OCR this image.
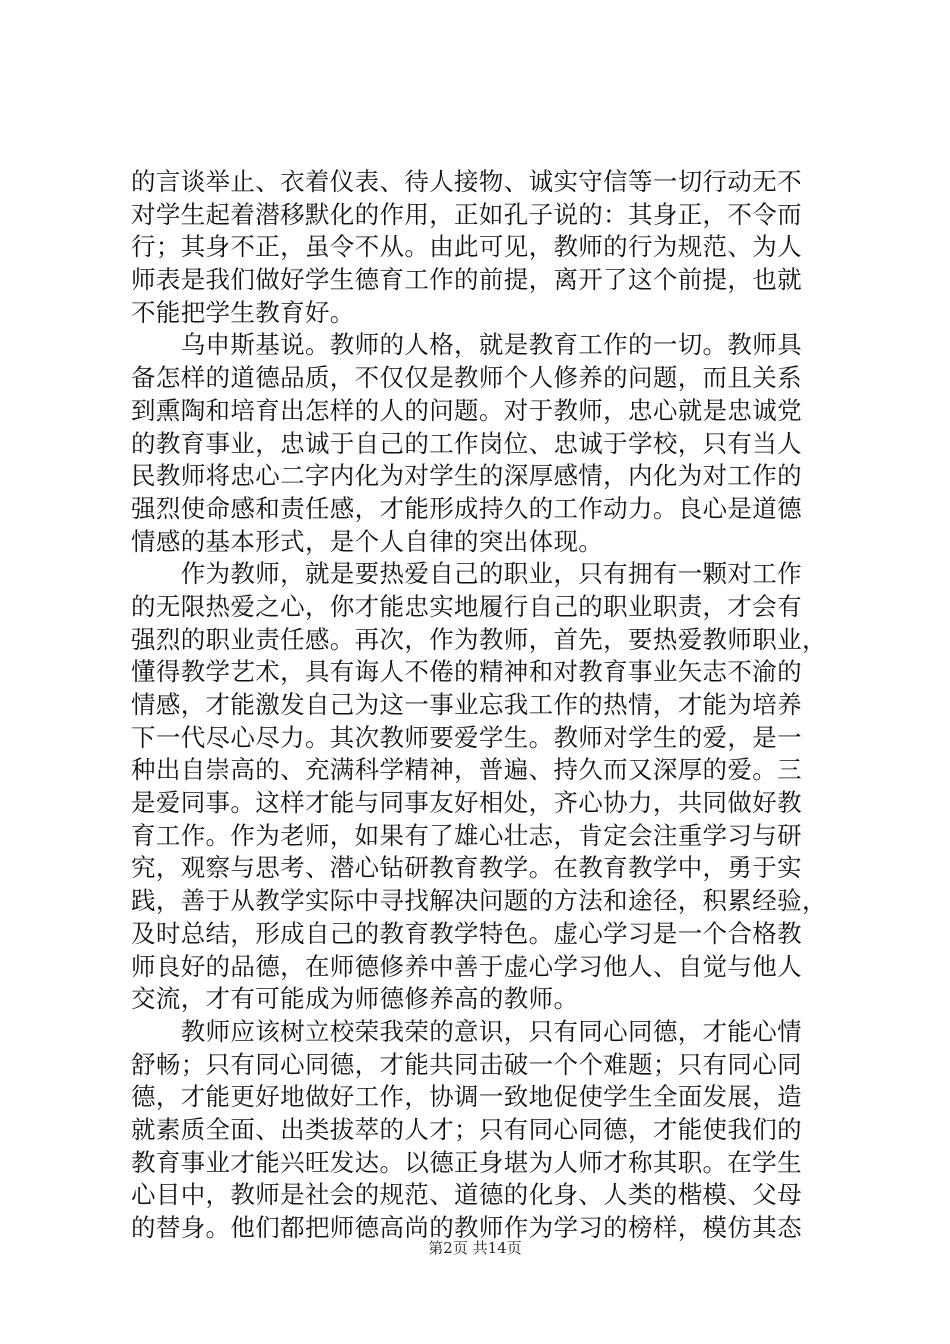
的言谈举止、衣着仪表、待人接物、诚实守信等一切行动无不
对学生起着潜移默化的作用，正如孔子说的：其身正，不令而
行；其身不正，虽令不从。由此可见，教师的行为规范、为人
师表是我们做好学生德育工作的前提，离开了这个前提，也就
不能把学生教育好。
　　乌申斯基说。教师的人格，就是教育工作的一切。教师具
备怎样的道德品质，不仅仅是教师个人修养的问题，而且关系
到熏陶和培育出怎样的人的问题。对于教师，忠心就是忠诚党
的教育事业，忠诚于自己的工作岗位、忠诚于学校，只有当人
民教师将忠心二字内化为对学生的深厚感情，内化为对工作的
强烈使命感和责任感，才能形成持久的工作动力。良心是道德
情感的基本形式，是个人自律的突出体现。
　　作为教师，就是要热爱自己的职业，只有拥有一颗对工作
的无限热爱之心，你才能忠实地履行自己的职业职责，才会有
强烈的职业责任感。再次，作为教师，首先，要热爱教师职业，
懂得教学艺术，具有诲人不倦的精神和对教育事业矢志不渝的
情感，才能激发自己为这一事业忘我工作的热情，才能为培养
下一代尽心尽力。其次教师要爱学生。教师对学生的爱，是一
种出自崇高的、充满科学精神，普遍、持久而又深厚的爱。三
是爱同事。这样才能与同事友好相处，齐心协力，共同做好教
育工作。作为老师，如果有了雄心壮志，肯定会注重学习与研
究，观察与思考、潜心钻研教育教学。在教育教学中，勇于实
践，善于从教学实际中寻找解决问题的方法和途径，积累经验，
及时总结，形成自己的教育教学特色。虚心学习是一个合格教
师良好的品德，在师德修养中善于虚心学习他人、自觉与他人
交流，才有可能成为师德修养高的教师。
　　教师应该树立校荣我荣的意识，只有同心同德，才能心情
舒畅；只有同心同德，才能共同击破一个个难题；只有同心同
德，才能更好地做好工作，协调一致地促使学生全面发展，造
就素质全面、出类拔萃的人才；只有同心同德，才能使我们的
教育事业才能兴旺发达。以德正身堪为人师才称其职。在学生
心目中，教师是社会的规范、道德的化身、人类的楷模、父母
的替身。他们都把师德高尚的教师作为学习的榜样，模仿其态
第2页 共14页
